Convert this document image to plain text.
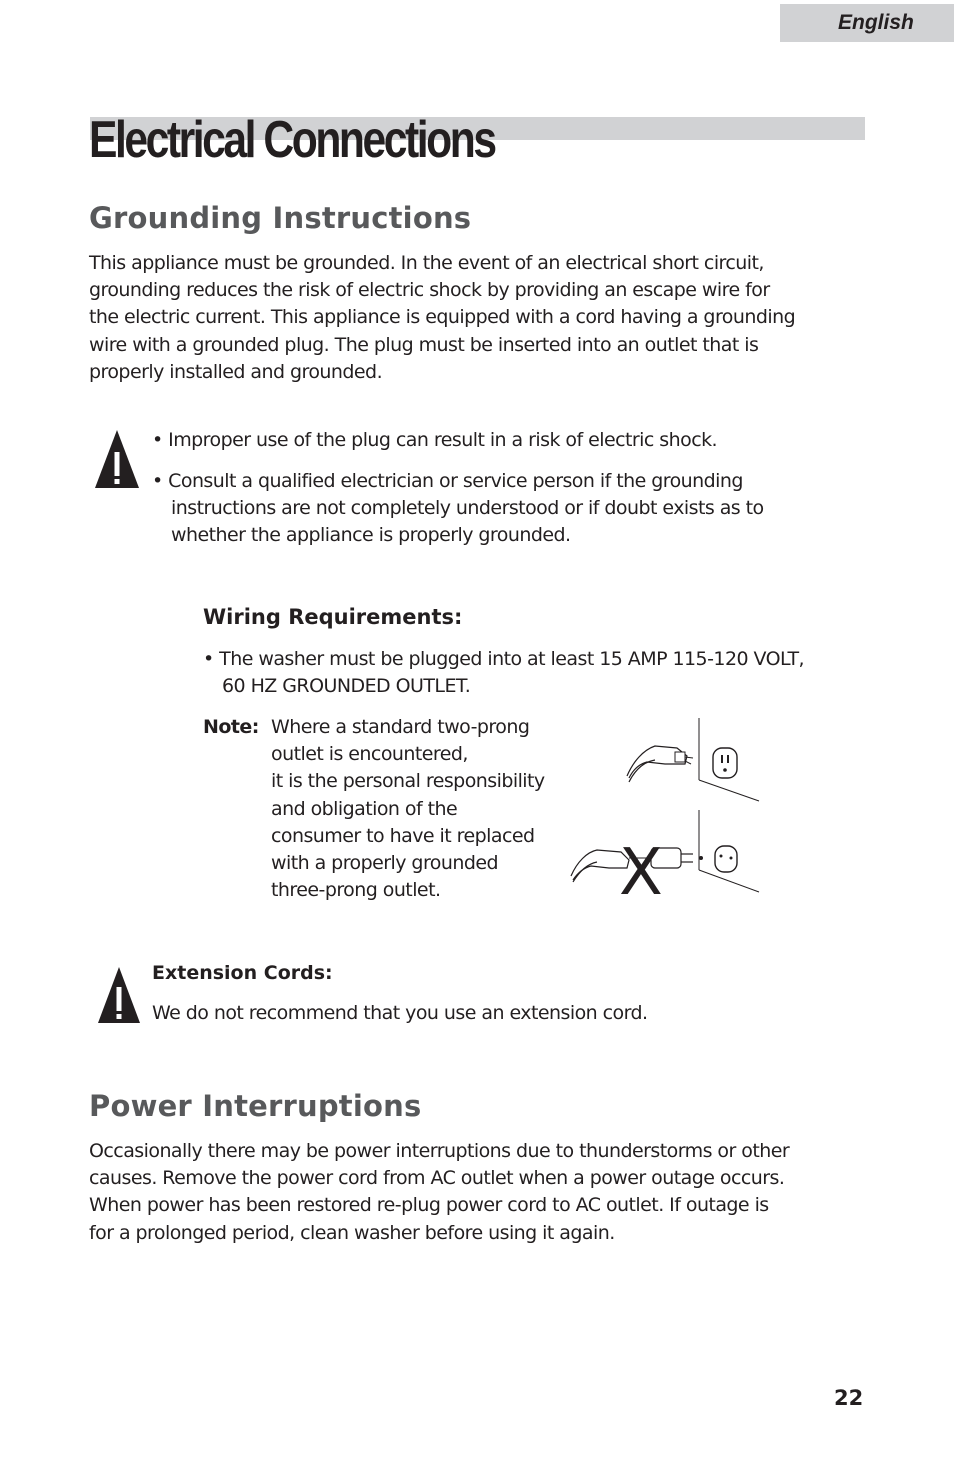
English
Electrical Connections
Grounding Instructions
This appliance must be grounded. In the event of an electrical short circuit,
grounding reduces the risk of electric shock by providing an escape wire for
the electric current. This appliance is equipped with a cord having a grounding
wire with a grounded plug. The plug must be inserted into an outlet that is
properly installed and grounded.
• Improper use of the plug can result in a risk of electric shock.
• Consult a qualified electrician or service person if the grounding
instructions are not completely understood or if doubt exists as to
whether the appliance is properly grounded.
Wiring Requirements:
• The washer must be plugged into at least 15 AMP 115-120 VOLT,
60 HZ GROUNDED OUTLET.
Note: Where a standard two-prong
outlet is encountered,
it is the personal responsibility
and obligation of the
consumer to have it replaced
with a properly grounded
three-prong outlet.	X
Extension Cords:

We do not recommend that you use an extension cord.

Power Interruptions
Occasionally there may be power interruptions due to thunderstorms or other
causes. Remove the power cord from AC outlet when a power outage occurs.
When power has been restored re-plug power cord to AC outlet. If outage is
for a prolonged period, clean washer before using it again.
22
